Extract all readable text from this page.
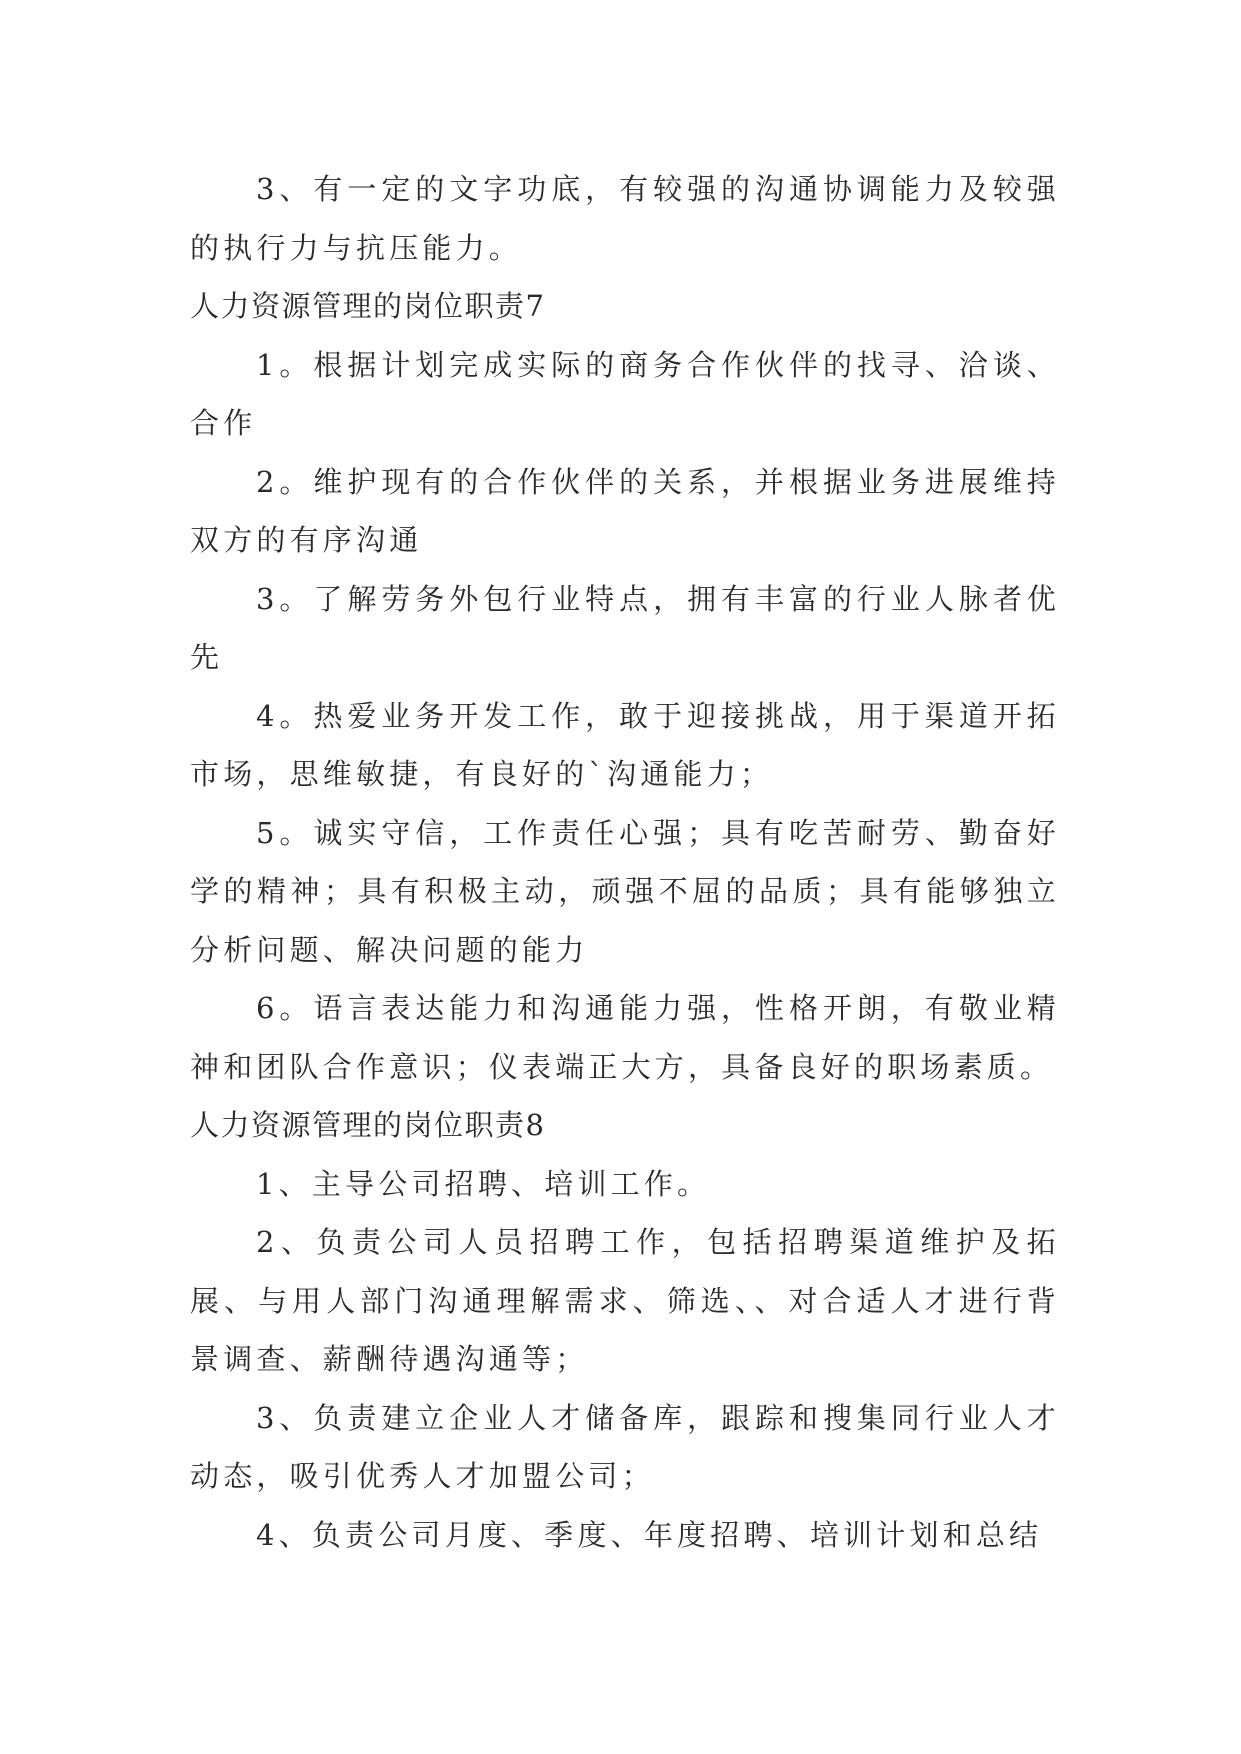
3、有一定的文字功底，有较强的沟通协调能力及较强的执行力与抗压能力。

人力资源管理的岗位职责7

1。根据计划完成实际的商务合作伙伴的找寻、洽谈、合作

2。维护现有的合作伙伴的关系，并根据业务进展维持双方的有序沟通

3。了解劳务外包行业特点，拥有丰富的行业人脉者优先

4。热爱业务开发工作，敢于迎接挑战，用于渠道开拓市场，思维敏捷，有良好的`沟通能力；

5。诚实守信，工作责任心强；具有吃苦耐劳、勤奋好学的精神；具有积极主动，顽强不屈的品质；具有能够独立分析问题、解决问题的能力

6。语言表达能力和沟通能力强，性格开朗，有敬业精神和团队合作意识；仪表端正大方，具备良好的职场素质。

人力资源管理的岗位职责8

1、主导公司招聘、培训工作。

2、负责公司人员招聘工作，包括招聘渠道维护及拓展、与用人部门沟通理解需求、筛选、、对合适人才进行背景调查、薪酬待遇沟通等；

3、负责建立企业人才储备库，跟踪和搜集同行业人才动态，吸引优秀人才加盟公司；

4、负责公司月度、季度、年度招聘、培训计划和总结
